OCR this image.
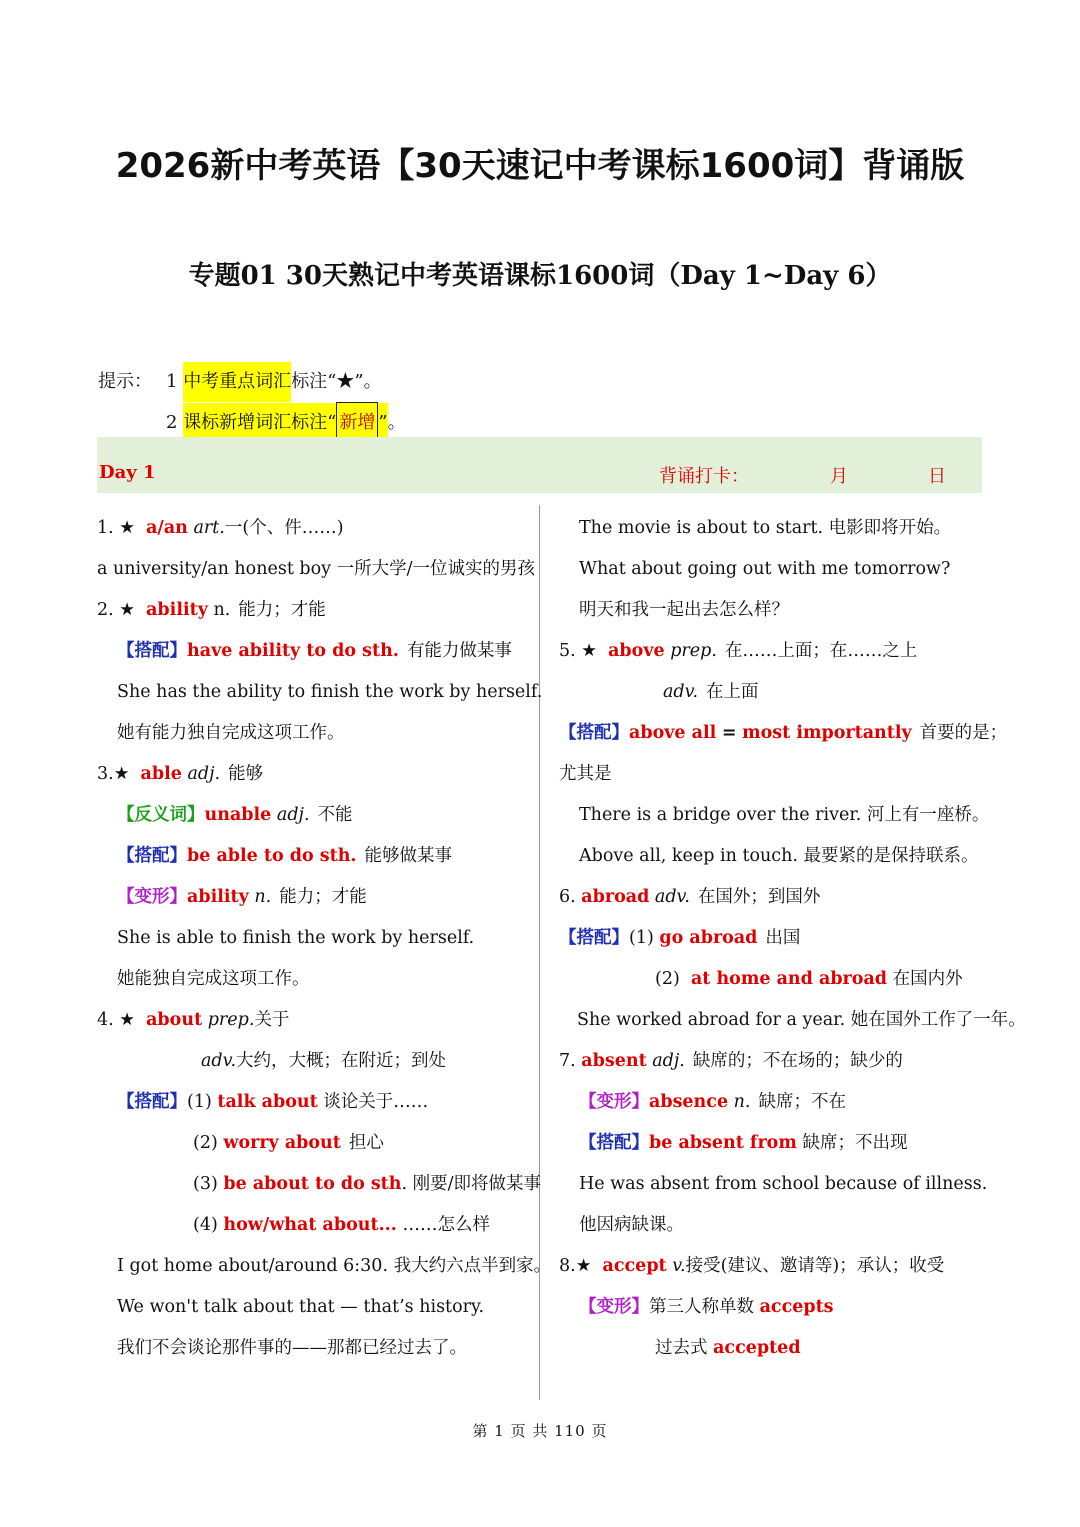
2026新中考英语【30天速记中考课标1600词】背诵版
专题01 30天熟记中考英语课标1600词（Day 1~Day 6）
提示： 1
中考重点词汇 标注“★”。
2
课标新增词汇标注“ 新增 ” 。
Day 1	背诵打卡：	月	日
1. ★ a/an art.一(个、件……)
a university/an honest boy 一所大学/一位诚实的男孩
2. ★ ability n. 能力；才能
【搭配】have ability to do sth. 有能力做某事
She has the ability to finish the work by herself.
她有能力独自完成这项工作。
3.★ able adj. 能够
【反义词】unable adj. 不能
【搭配】be able to do sth. 能够做某事
【变形】ability n. 能力；才能
She is able to finish the work by herself.
她能独自完成这项工作。
4. ★ about prep.关于
adv.大约，大概；在附近；到处
【搭配】(1) talk about 谈论关于……
(2) worry about 担心
(3) be about to do sth. 刚要/即将做某事
(4) how/what about... ……怎么样
I got home about/around 6:30. 我大约六点半到家。
We won't talk about that — that’s history.
我们不会谈论那件事的——那都已经过去了。
The movie is about to start. 电影即将开始。
What about going out with me tomorrow?
明天和我一起出去怎么样？
5. ★ above prep. 在……上面；在……之上
adv. 在上面
【搭配】above all = most importantly 首要的是；
尤其是
There is a bridge over the river. 河上有一座桥。
Above all, keep in touch. 最要紧的是保持联系。
6. abroad adv. 在国外；到国外
【搭配】(1) go abroad 出国
(2) at home and abroad 在国内外
She worked abroad for a year. 她在国外工作了一年。
7. absent adj. 缺席的；不在场的；缺少的
【变形】absence n. 缺席；不在
【搭配】be absent from 缺席；不出现
He was absent from school because of illness.
他因病缺课。
8.★ accept v.接受(建议、邀请等)；承认；收受
【变形】第三人称单数 accepts
过去式 accepted
第 1 页 共 110 页
